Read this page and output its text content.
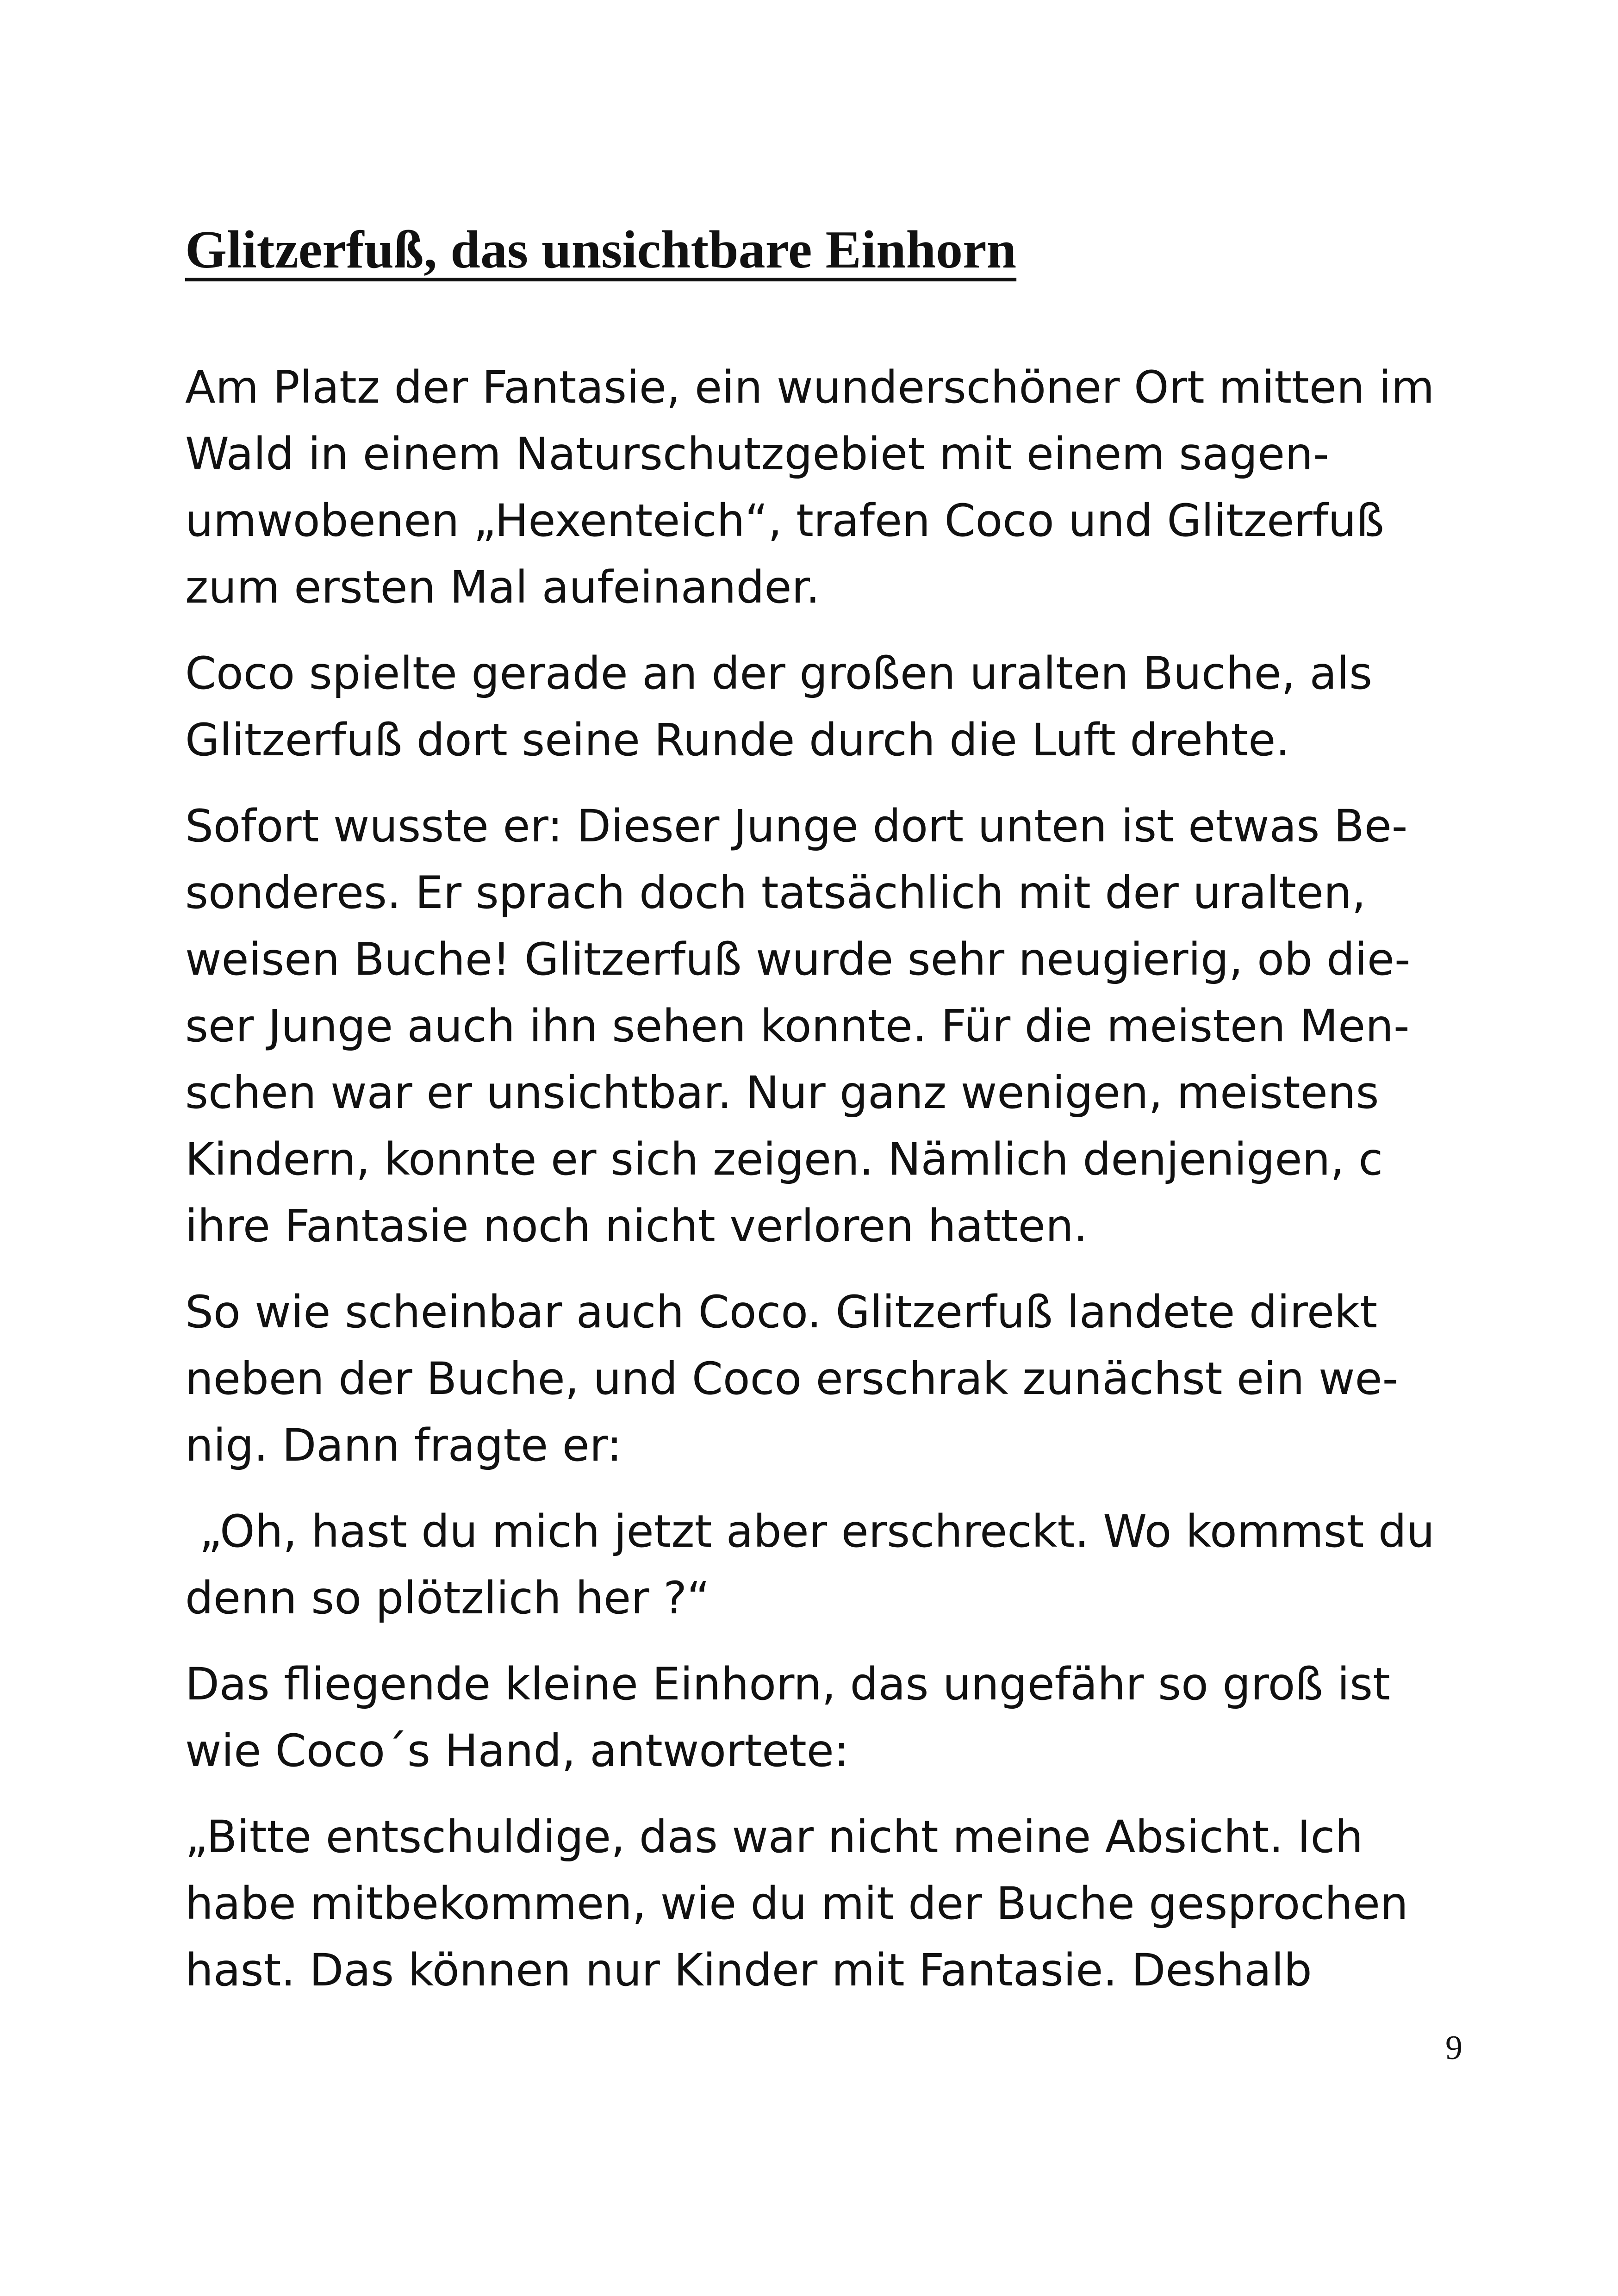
Glitzerfuß, das unsichtbare Einhorn

Am Platz der Fantasie, ein wunderschöner Ort mitten im Wald in einem Naturschutzgebiet mit einem sagenumwobenen „Hexenteich“, trafen Coco und Glitzerfuß zum ersten Mal aufeinander.

Coco spielte gerade an der großen uralten Buche, als Glitzerfuß dort seine Runde durch die Luft drehte.

Sofort wusste er: Dieser Junge dort unten ist etwas Besonderes. Er sprach doch tatsächlich mit der uralten, weisen Buche! Glitzerfuß wurde sehr neugierig, ob dieser Junge auch ihn sehen konnte. Für die meisten Menschen war er unsichtbar. Nur ganz wenigen, meistens Kindern, konnte er sich zeigen. Nämlich denjenigen, c ihre Fantasie noch nicht verloren hatten.

So wie scheinbar auch Coco. Glitzerfuß landete direkt neben der Buche, und Coco erschrak zunächst ein wenig. Dann fragte er:

„Oh, hast du mich jetzt aber erschreckt. Wo kommst du denn so plötzlich her ?“

Das fliegende kleine Einhorn, das ungefähr so groß ist wie Coco´s Hand, antwortete:

„Bitte entschuldige, das war nicht meine Absicht. Ich habe mitbekommen, wie du mit der Buche gesprochen hast. Das können nur Kinder mit Fantasie. Deshalb

9
